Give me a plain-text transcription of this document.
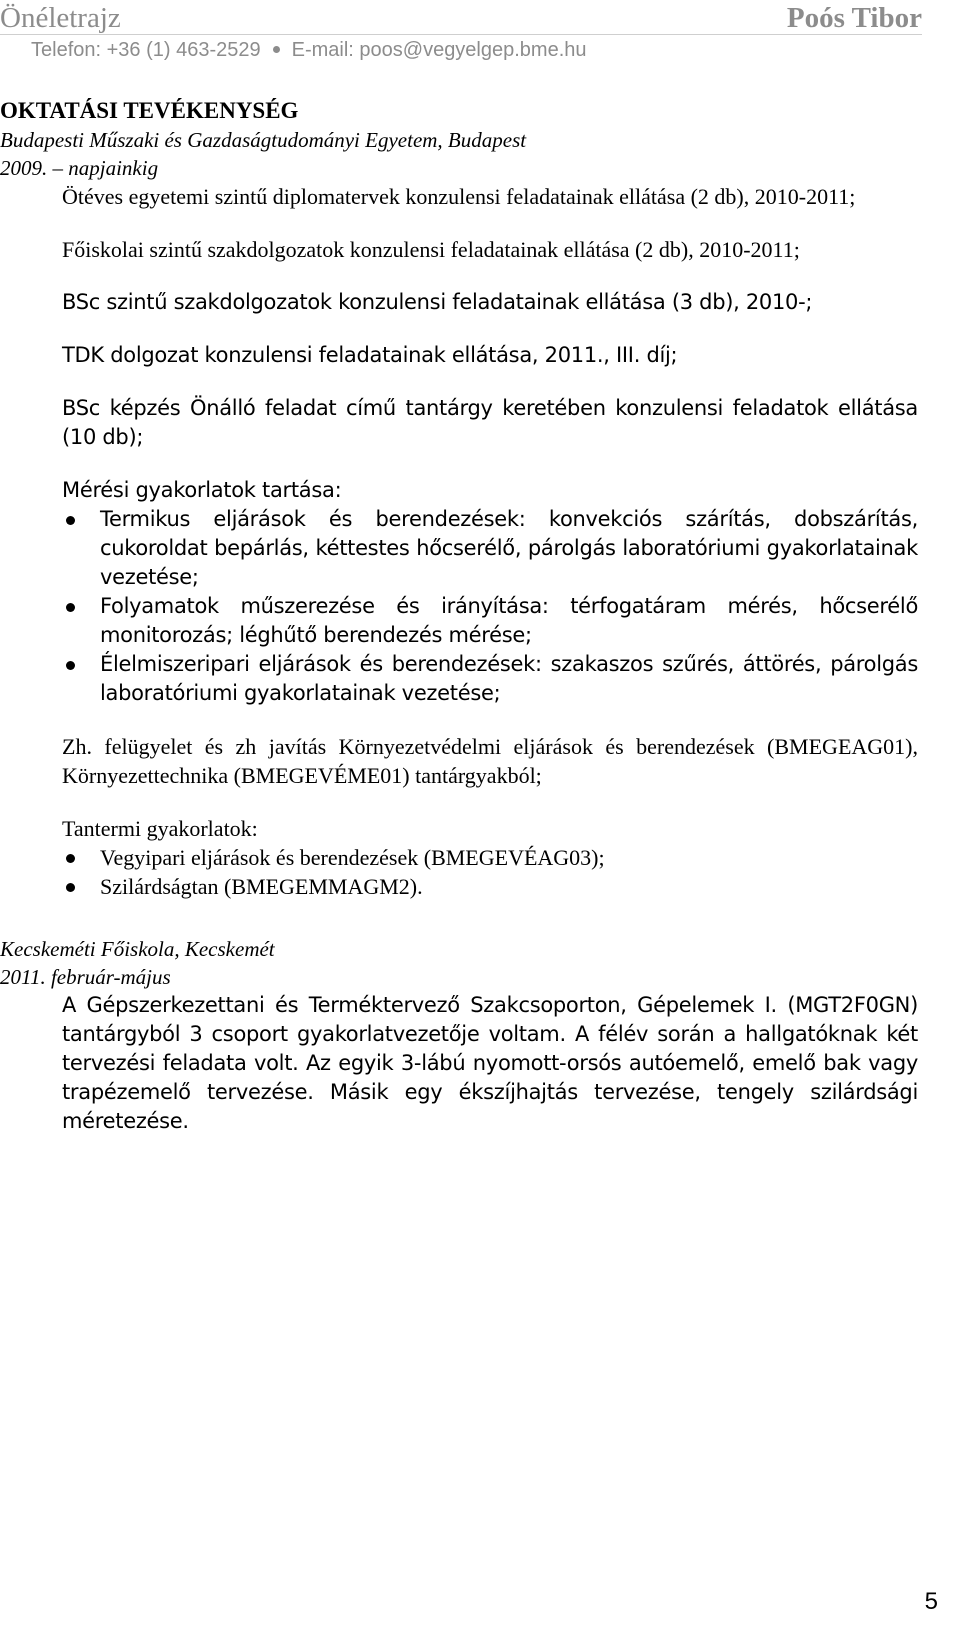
Önéletrajz	Poós Tibor
Telefon: +36 (1) 463-2529 E-mail: poos@vegyelgep.bme.hu

OKTATÁSI TEVÉKENYSÉG

Budapesti Műszaki és Gazdaságtudományi Egyetem, Budapest

2009. – napjainkig

Ötéves egyetemi szintű diplomatervek konzulensi feladatainak ellátása (2 db), 2010-2011;

Főiskolai szintű szakdolgozatok konzulensi feladatainak ellátása (2 db), 2010-2011;

BSc szintű szakdolgozatok konzulensi feladatainak ellátása (3 db), 2010-;

TDK dolgozat konzulensi feladatainak ellátása, 2011., III. díj;

BSc képzés Önálló feladat című tantárgy keretében konzulensi feladatok ellátása (10 db);

Mérési gyakorlatok tartása:

Termikus eljárások és berendezések: konvekciós szárítás, dobszárítás, cukoroldat bepárlás, kéttestes hőcserélő, párolgás laboratóriumi gyakorlatainak vezetése;
Folyamatok műszerezése és irányítása: térfogatáram mérés, hőcserélő monitorozás; léghűtő berendezés mérése;
Élelmiszeripari eljárások és berendezések: szakaszos szűrés, áttörés, párolgás laboratóriumi gyakorlatainak vezetése;

Zh. felügyelet és zh javítás Környezetvédelmi eljárások és berendezések (BMEGEAG01), Környezettechnika (BMEGEVÉME01) tantárgyakból;

Tantermi gyakorlatok:

Vegyipari eljárások és berendezések (BMEGEVÉAG03);
Szilárdságtan (BMEGEMMAGM2).

Kecskeméti Főiskola, Kecskemét

2011. február-május

A Gépszerkezettani és Terméktervező Szakcsoporton, Gépelemek I. (MGT2F0GN) tantárgyból 3 csoport gyakorlatvezetője voltam. A félév során a hallgatóknak két tervezési feladata volt. Az egyik 3-lábú nyomott-orsós autóemelő, emelő bak vagy trapézemelő tervezése. Másik egy ékszíjhajtás tervezése, tengely szilárdsági méretezése.

5
